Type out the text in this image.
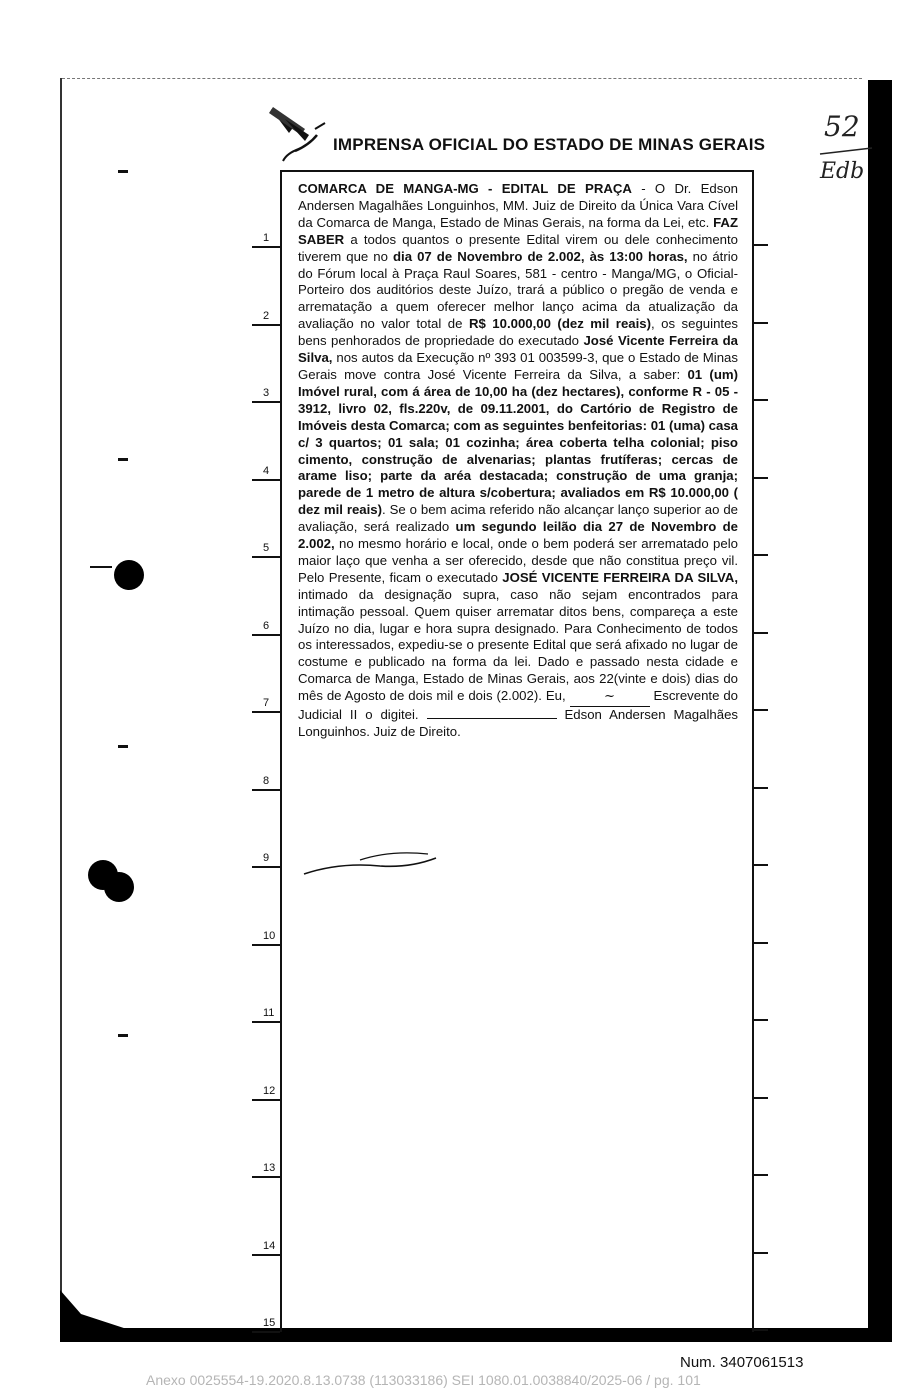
IMPRENSA OFICIAL DO ESTADO DE MINAS GERAIS
52
Edb
COMARCA DE MANGA-MG - EDITAL DE PRAÇA - O Dr. Edson Andersen Magalhães Longuinhos, MM. Juiz de Direito da Única Vara Cível da Comarca de Manga, Estado de Minas Gerais, na forma da Lei, etc. FAZ SABER a todos quantos o presente Edital virem ou dele conhecimento tiverem que no dia 07 de Novembro de 2.002, às 13:00 horas, no átrio do Fórum local à Praça Raul Soares, 581 - centro - Manga/MG, o Oficial-Porteiro dos auditórios deste Juízo, trará a público o pregão de venda e arrematação a quem oferecer melhor lanço acima da atualização da avaliação no valor total de R$ 10.000,00 (dez mil reais), os seguintes bens penhorados de propriedade do executado José Vicente Ferreira da Silva, nos autos da Execução nº 393 01 003599-3, que o Estado de Minas Gerais move contra José Vicente Ferreira da Silva, a saber: 01 (um) Imóvel rural, com á área de 10,00 ha (dez hectares), conforme R - 05 - 3912, livro 02, fls.220v, de 09.11.2001, do Cartório de Registro de Imóveis desta Comarca; com as seguintes benfeitorias: 01 (uma) casa c/ 3 quartos; 01 sala; 01 cozinha; área coberta telha colonial; piso cimento, construção de alvenarias; plantas frutíferas; cercas de arame liso; parte da aréa destacada; construção de uma granja; parede de 1 metro de altura s/cobertura; avaliados em R$ 10.000,00 ( dez mil reais). Se o bem acima referido não alcançar lanço superior ao de avaliação, será realizado um segundo leilão dia 27 de Novembro de 2.002, no mesmo horário e local, onde o bem poderá ser arrematado pelo maior laço que venha a ser oferecido, desde que não constitua preço vil. Pelo Presente, ficam o executado JOSÉ VICENTE FERREIRA DA SILVA, intimado da designação supra, caso não sejam encontrados para intimação pessoal. Quem quiser arrematar ditos bens, compareça a este Juízo no dia, lugar e hora supra designado. Para Conhecimento de todos os interessados, expediu-se o presente Edital que será afixado no lugar de costume e publicado na forma da lei. Dado e passado nesta cidade e Comarca de Manga, Estado de Minas Gerais, aos 22(vinte e dois) dias do mês de Agosto de dois mil e dois (2.002). Eu,	~	Escrevente do Judicial II o digitei.	Edson Andersen Magalhães Longuinhos. Juiz de Direito.
1
2
3
4
5
6
7
8
9
10
11
12
13
14
15
Num. 3407061513
Anexo 0025554-19.2020.8.13.0738 (113033186) SEI 1080.01.0038840/2025-06 / pg. 101
